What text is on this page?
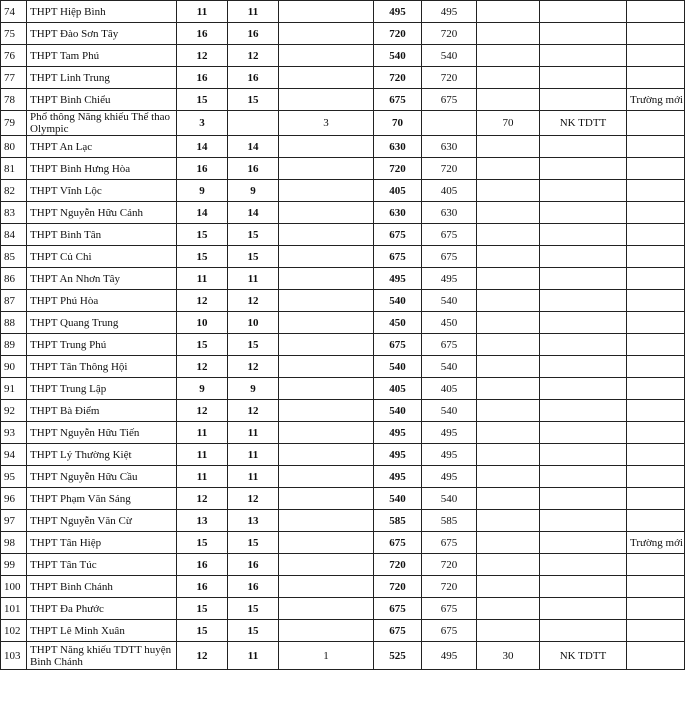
74	THPT Hiệp Bình	11	11		495	495			
75	THPT Đào Sơn Tây	16	16		720	720			
76	THPT Tam Phú	12	12		540	540			
77	THPT Linh Trung	16	16		720	720			
78	THPT Bình Chiểu	15	15		675	675			Trường mới
79	Phổ thông Năng khiếu Thể thao Olympic	3		3	70		70	NK TDTT	
80	THPT An Lạc	14	14		630	630			
81	THPT Bình Hưng Hòa	16	16		720	720			
82	THPT Vĩnh Lộc	9	9		405	405			
83	THPT Nguyễn Hữu Cảnh	14	14		630	630			
84	THPT Bình Tân	15	15		675	675			
85	THPT Củ Chi	15	15		675	675			
86	THPT An Nhơn Tây	11	11		495	495			
87	THPT Phú Hòa	12	12		540	540			
88	THPT Quang Trung	10	10		450	450			
89	THPT Trung Phú	15	15		675	675			
90	THPT Tân Thông Hội	12	12		540	540			
91	THPT Trung Lập	9	9		405	405			
92	THPT Bà Điểm	12	12		540	540			
93	THPT Nguyễn Hữu Tiến	11	11		495	495			
94	THPT Lý Thường Kiệt	11	11		495	495			
95	THPT Nguyễn Hữu Cầu	11	11		495	495			
96	THPT Phạm Văn Sáng	12	12		540	540			
97	THPT Nguyễn Văn Cừ	13	13		585	585			
98	THPT Tân Hiệp	15	15		675	675			Trường mới
99	THPT Tân Túc	16	16		720	720			
100	THPT Bình Chánh	16	16		720	720			
101	THPT Đa Phước	15	15		675	675			
102	THPT Lê Minh Xuân	15	15		675	675			
103	THPT Năng khiếu TDTT huyện Bình Chánh	12	11	1	525	495	30	NK TDTT	
